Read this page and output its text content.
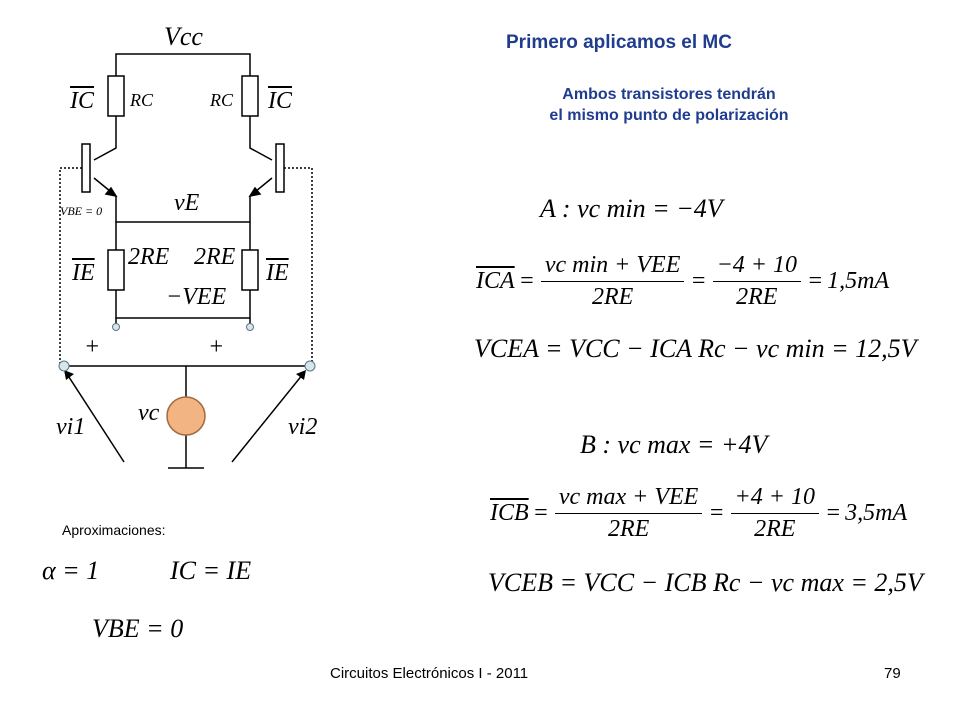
Primero aplicamos el MC
Ambos transistores tendrán
el mismo punto de polarización
Vcc
$\overline{IC}$ RC	RC $\overline{IC}$
VBE = 0	vE
2RE 2RE
$\overline{IE}$	$\overline{IE}$
−VEE
+	+
vc
vi1	vi2
Aproximaciones:
α = 1	IC = IE
VBE = 0
A : vc min = −4V
$\overline{ICA} = \frac{\text{vc min + VEE}}{2RE} = \frac{-4 + 10}{2RE} = 1,5mA$
VCEA = VCC − ICA Rc − vc min = 12,5V
B : vc max = +4V
$\overline{ICB} = \frac{\text{vc max + VEE}}{2RE} = \frac{+4 + 10}{2RE} = 3,5mA$
VCEB = VCC − ICB Rc − vc max = 2,5V
Circuitos Electrónicos I - 2011	79
